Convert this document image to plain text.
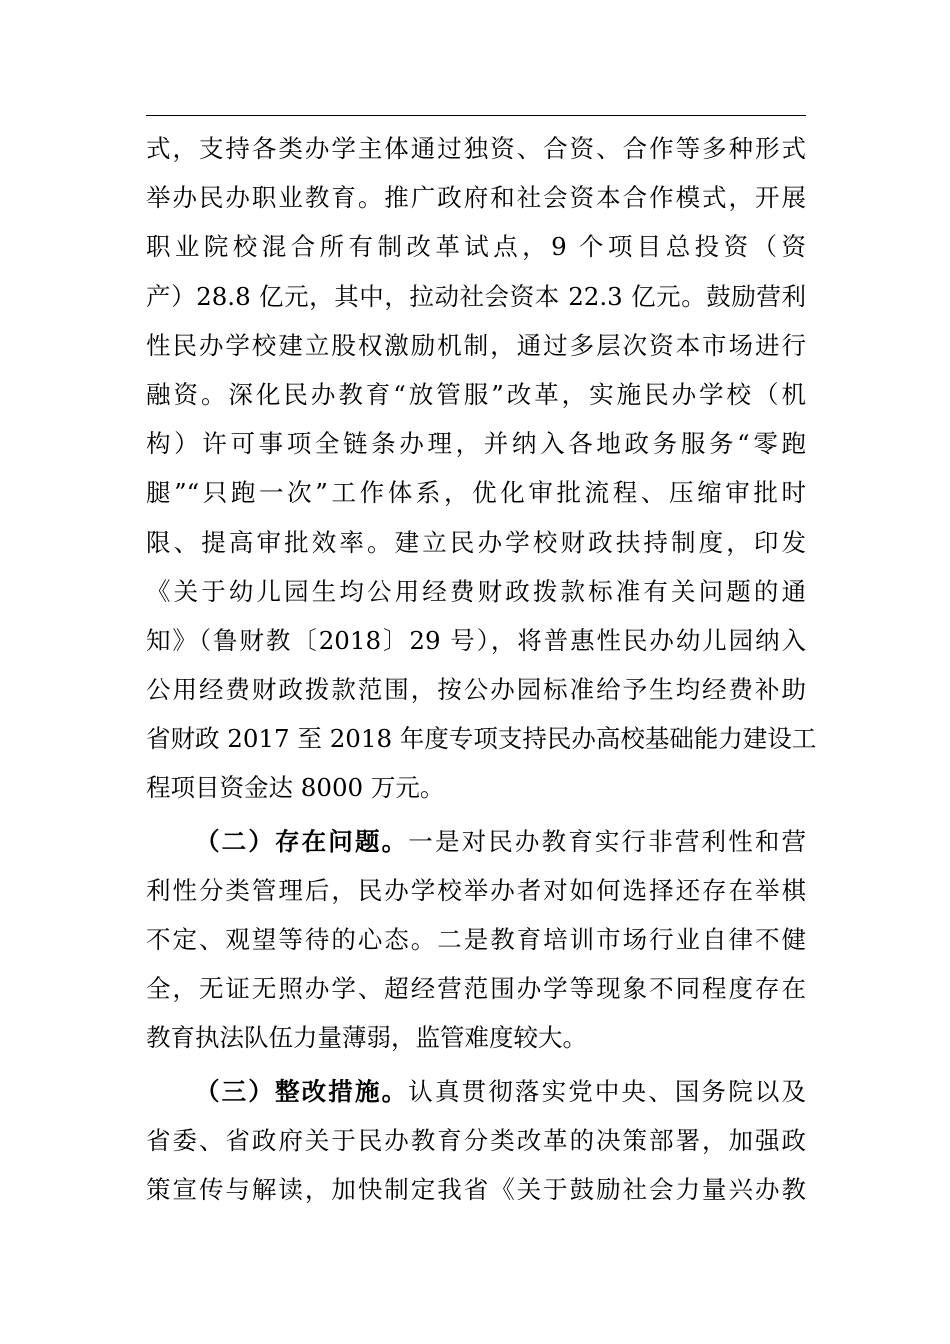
式，支持各类办学主体通过独资、合资、合作等多种形式
举办民办职业教育。推广政府和社会资本合作模式，开展
职业院校混合所有制改革试点，9 个项目总投资（资
产）28.8 亿元，其中，拉动社会资本 22.3 亿元。鼓励营利
性民办学校建立股权激励机制，通过多层次资本市场进行
融资。深化民办教育“放管服”改革，实施民办学校（机
构）许可事项全链条办理，并纳入各地政务服务“零跑
腿”“只跑一次”工作体系，优化审批流程、压缩审批时
限、提高审批效率。建立民办学校财政扶持制度，印发
《关于幼儿园生均公用经费财政拨款标准有关问题的通
知》（鲁财教〔2018〕29 号），将普惠性民办幼儿园纳入
公用经费财政拨款范围，按公办园标准给予生均经费补助
省财政 2017 至 2018 年度专项支持民办高校基础能力建设工
程项目资金达 8000 万元。
（二）存在问题。一是对民办教育实行非营利性和营
利性分类管理后，民办学校举办者对如何选择还存在举棋
不定、观望等待的心态。二是教育培训市场行业自律不健
全，无证无照办学、超经营范围办学等现象不同程度存在
教育执法队伍力量薄弱，监管难度较大。
（三）整改措施。认真贯彻落实党中央、国务院以及
省委、省政府关于民办教育分类改革的决策部署，加强政
策宣传与解读，加快制定我省《关于鼓励社会力量兴办教
